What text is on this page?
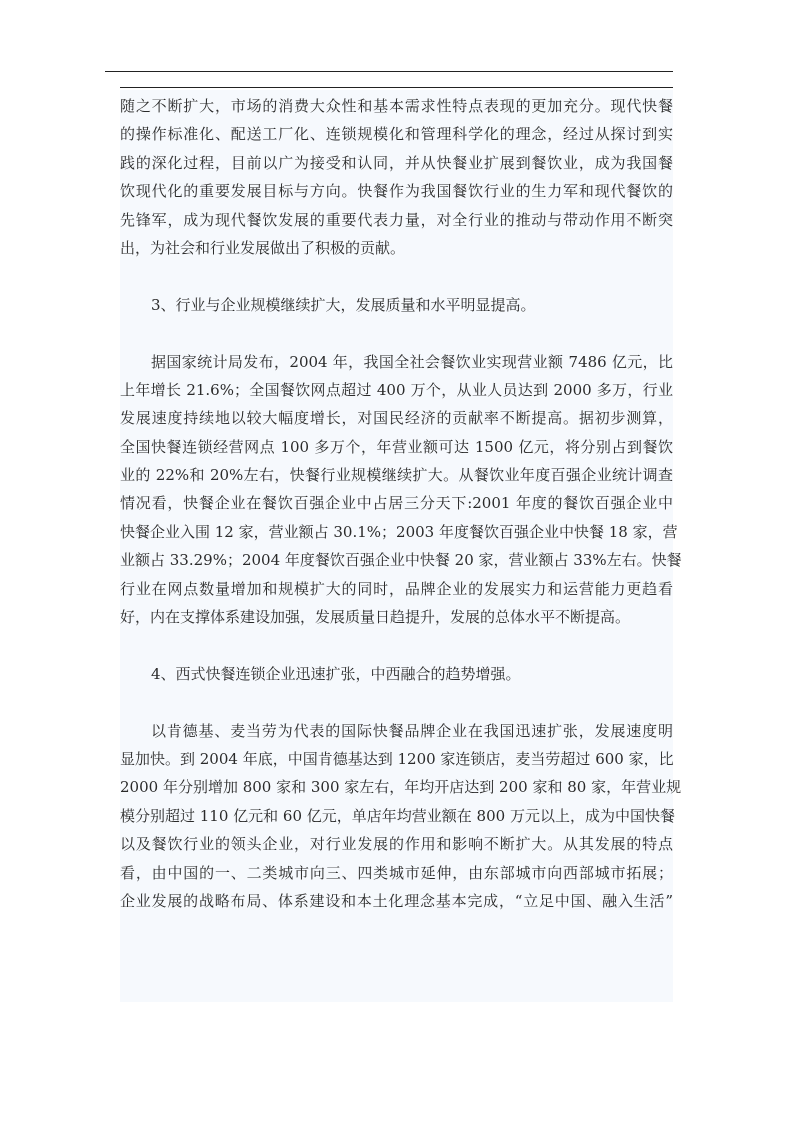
随之不断扩大，市场的消费大众性和基本需求性特点表现的更加充分。现代快餐
的操作标准化、配送工厂化、连锁规模化和管理科学化的理念，经过从探讨到实
践的深化过程，目前以广为接受和认同，并从快餐业扩展到餐饮业，成为我国餐
饮现代化的重要发展目标与方向。快餐作为我国餐饮行业的生力军和现代餐饮的
先锋军，成为现代餐饮发展的重要代表力量，对全行业的推动与带动作用不断突
出，为社会和行业发展做出了积极的贡献。
3、行业与企业规模继续扩大，发展质量和水平明显提高。
据国家统计局发布，2004 年，我国全社会餐饮业实现营业额 7486 亿元，比
上年增长 21.6%；全国餐饮网点超过 400 万个，从业人员达到 2000 多万，行业
发展速度持续地以较大幅度增长，对国民经济的贡献率不断提高。据初步测算，
全国快餐连锁经营网点 100 多万个，年营业额可达 1500 亿元，将分别占到餐饮
业的 22%和 20%左右，快餐行业规模继续扩大。从餐饮业年度百强企业统计调查
情况看，快餐企业在餐饮百强企业中占居三分天下:2001 年度的餐饮百强企业中
快餐企业入围 12 家，营业额占 30.1%；2003 年度餐饮百强企业中快餐 18 家，营
业额占 33.29%；2004 年度餐饮百强企业中快餐 20 家，营业额占 33%左右。快餐
行业在网点数量增加和规模扩大的同时，品牌企业的发展实力和运营能力更趋看
好，内在支撑体系建设加强，发展质量日趋提升，发展的总体水平不断提高。
4、西式快餐连锁企业迅速扩张，中西融合的趋势增强。
以肯德基、麦当劳为代表的国际快餐品牌企业在我国迅速扩张，发展速度明
显加快。到 2004 年底，中国肯德基达到 1200 家连锁店，麦当劳超过 600 家，比
2000 年分别增加 800 家和 300 家左右，年均开店达到 200 家和 80 家，年营业规
模分别超过 110 亿元和 60 亿元，单店年均营业额在 800 万元以上，成为中国快餐
以及餐饮行业的领头企业，对行业发展的作用和影响不断扩大。从其发展的特点
看，由中国的一、二类城市向三、四类城市延伸，由东部城市向西部城市拓展；
企业发展的战略布局、体系建设和本土化理念基本完成，“立足中国、融入生活”
